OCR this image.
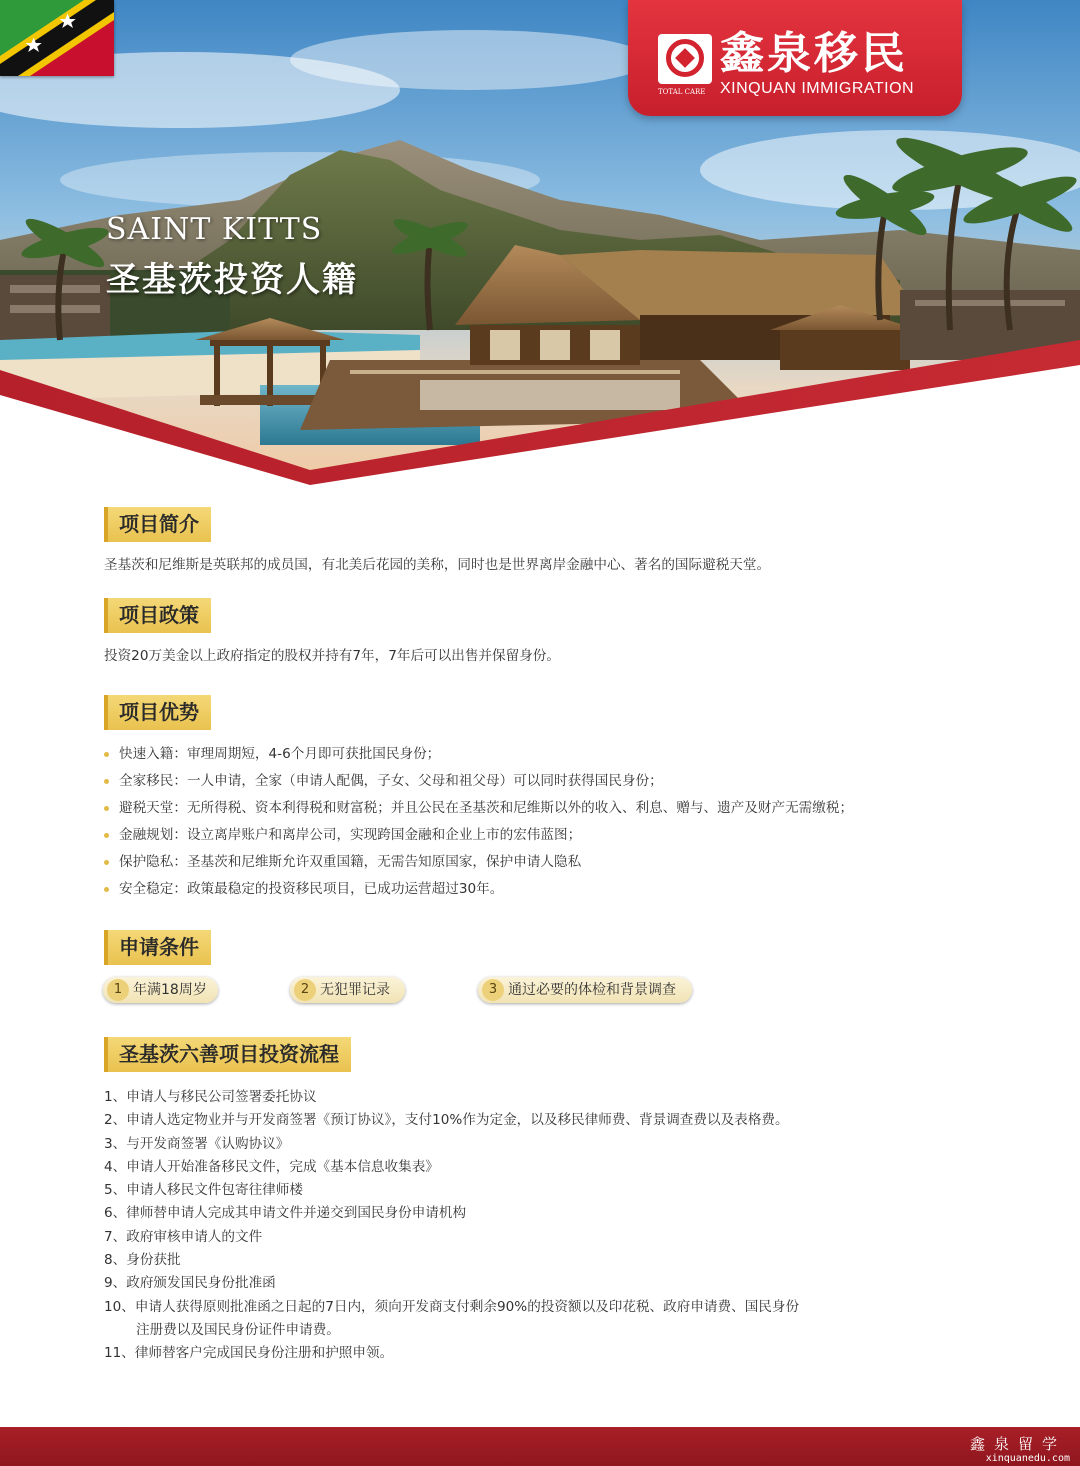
TOTAL CARE
鑫泉移民
XINQUAN IMMIGRATION
SAINT KITTS
圣基茨投资人籍
项目简介
圣基茨和尼维斯是英联邦的成员国，有北美后花园的美称，同时也是世界离岸金融中心、著名的国际避税天堂。
项目政策
投资20万美金以上政府指定的股权并持有7年，7年后可以出售并保留身份。
项目优势
快速入籍：审理周期短，4-6个月即可获批国民身份；
全家移民：一人申请，全家（申请人配偶，子女、父母和祖父母）可以同时获得国民身份；
避税天堂：无所得税、资本利得税和财富税；并且公民在圣基茨和尼维斯以外的收入、利息、赠与、遗产及财产无需缴税；
金融规划：设立离岸账户和离岸公司，实现跨国金融和企业上市的宏伟蓝图；
保护隐私：圣基茨和尼维斯允许双重国籍，无需告知原国家，保护申请人隐私
安全稳定：政策最稳定的投资移民项目，已成功运营超过30年。
申请条件
1 年满18周岁	2 无犯罪记录	3 通过必要的体检和背景调查
圣基茨六善项目投资流程
1、申请人与移民公司签署委托协议
2、申请人选定物业并与开发商签署《预订协议》，支付10%作为定金，以及移民律师费、背景调查费以及表格费。
3、与开发商签署《认购协议》
4、申请人开始准备移民文件，完成《基本信息收集表》
5、申请人移民文件包寄往律师楼
6、律师替申请人完成其申请文件并递交到国民身份申请机构
7、政府审核申请人的文件
8、身份获批
9、政府颁发国民身份批准函
10、申请人获得原则批准函之日起的7日内，须向开发商支付剩余90%的投资额以及印花税、政府申请费、国民身份
注册费以及国民身份证件申请费。
11、律师替客户完成国民身份注册和护照申领。
鑫泉留学
xinquanedu.com
